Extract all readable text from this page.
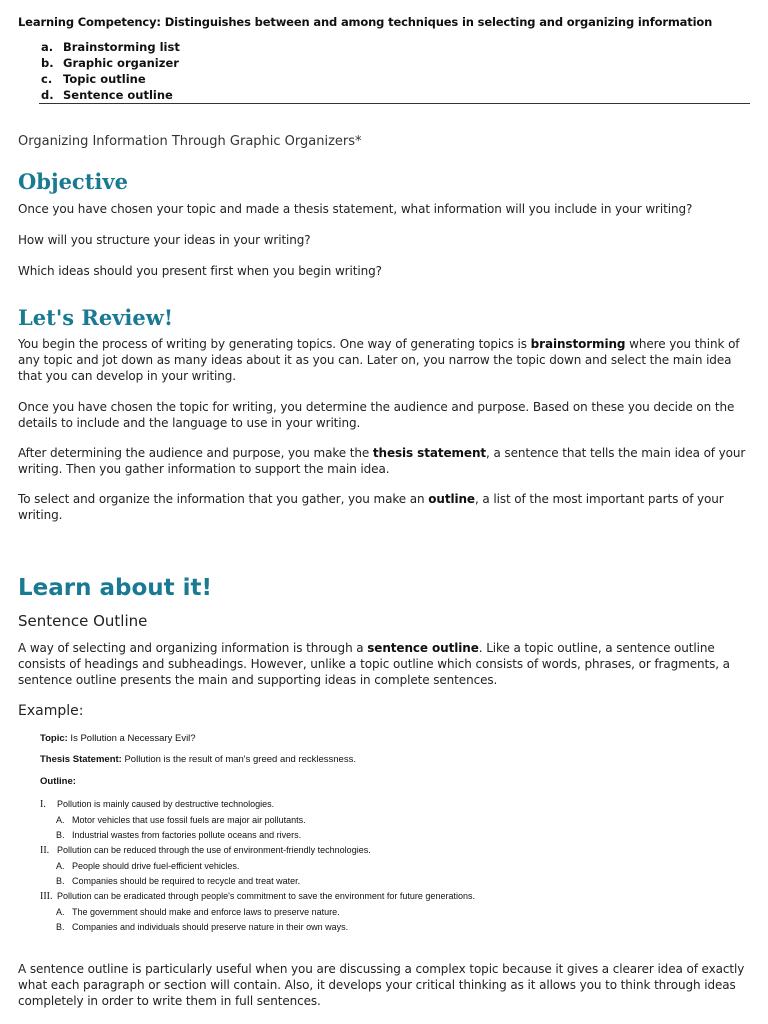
Learning Competency: Distinguishes between and among techniques in selecting and organizing information
a. Brainstorming list
b. Graphic organizer
c. Topic outline
d. Sentence outline
Organizing Information Through Graphic Organizers*
Objective

Once you have chosen your topic and made a thesis statement, what information will you include in your writing?

How will you structure your ideas in your writing?

Which ideas should you present first when you begin writing?

Let's Review!

You begin the process of writing by generating topics. One way of generating topics is brainstorming where you think of any topic and jot down as many ideas about it as you can. Later on, you narrow the topic down and select the main idea that you can develop in your writing.

Once you have chosen the topic for writing, you determine the audience and purpose. Based on these you decide on the details to include and the language to use in your writing.

After determining the audience and purpose, you make the thesis statement, a sentence that tells the main idea of your writing. Then you gather information to support the main idea.

To select and organize the information that you gather, you make an outline, a list of the most important parts of your writing.

Learn about it!
Sentence Outline

A way of selecting and organizing information is through a sentence outline. Like a topic outline, a sentence outline consists of headings and subheadings. However, unlike a topic outline which consists of words, phrases, or fragments, a sentence outline presents the main and supporting ideas in complete sentences.

Example:
Topic: Is Pollution a Necessary Evil?
Thesis Statement: Pollution is the result of man's greed and recklessness.
Outline:
I. Pollution is mainly caused by destructive technologies.
A. Motor vehicles that use fossil fuels are major air pollutants.
B. Industrial wastes from factories pollute oceans and rivers.
II. Pollution can be reduced through the use of environment-friendly technologies.
A. People should drive fuel-efficient vehicles.
B. Companies should be required to recycle and treat water.
III. Pollution can be eradicated through people's commitment to save the environment for future generations.
A. The government should make and enforce laws to preserve nature.
B. Companies and individuals should preserve nature in their own ways.

A sentence outline is particularly useful when you are discussing a complex topic because it gives a clearer idea of exactly what each paragraph or section will contain. Also, it develops your critical thinking as it allows you to think through ideas completely in order to write them in full sentences.
